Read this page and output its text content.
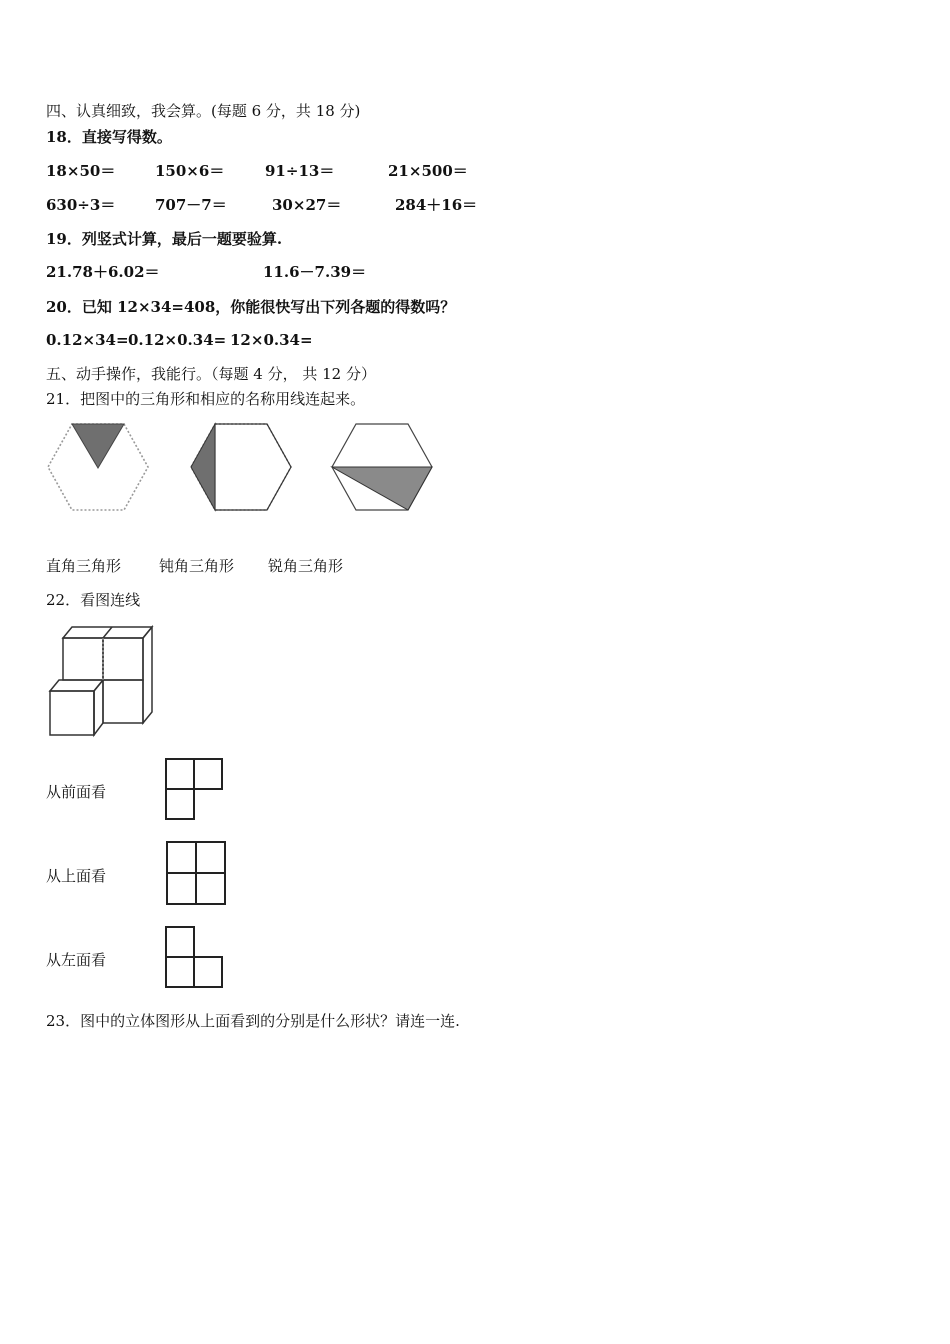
四、认真细致，我会算。(每题 6 分，共 18 分)
18．直接写得数。
18×50＝	150×6＝	91÷13＝	21×500＝
630÷3＝	707－7＝	30×27＝	284＋16＝
19．列竖式计算，最后一题要验算.
21.78＋6.02＝	11.6－7.39＝
20．已知 12×34=408，你能很快写出下列各题的得数吗？
0.12×34= 0.12×0.34= 12×0.34=
五、动手操作，我能行。（每题 4 分， 共 12 分）
21．把图中的三角形和相应的名称用线连起来。
直角三角形	钝角三角形 锐角三角形
22．看图连线
从前面看
从上面看
从左面看
23．图中的立体图形从上面看到的分别是什么形状？请连一连.
